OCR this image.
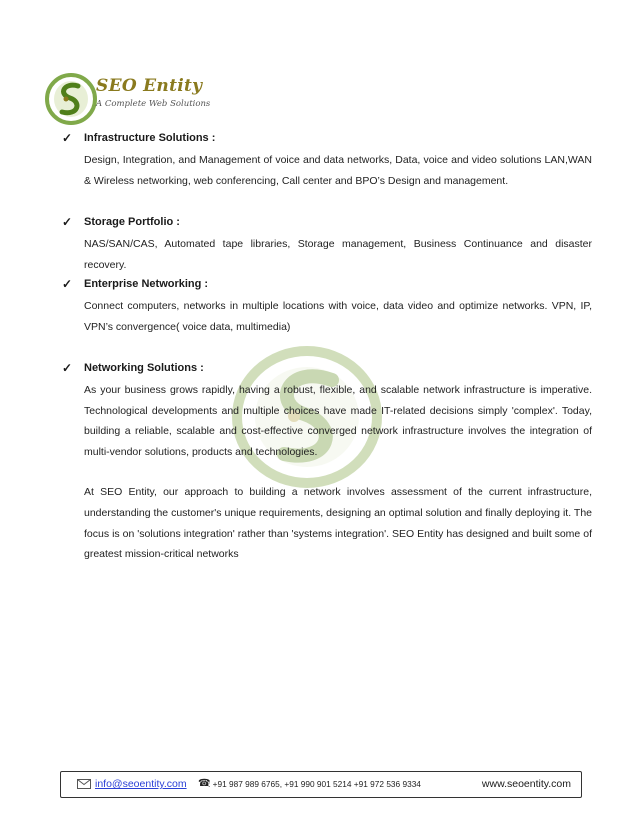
SEO Entity
A Complete Web Solutions
✓ Infrastructure Solutions :
Design, Integration, and Management of voice and data networks, Data, voice and video solutions LAN,WAN & Wireless networking, web conferencing, Call center and BPO’s Design and management.
✓ Storage Portfolio :
NAS/SAN/CAS, Automated tape libraries, Storage management, Business Continuance and disaster recovery.
✓ Enterprise Networking :
Connect computers, networks in multiple locations with voice, data video and optimize networks. VPN, IP, VPN’s convergence( voice data, multimedia)
✓ Networking Solutions :
As your business grows rapidly, having a robust, flexible, and scalable network infrastructure is imperative. Technological developments and multiple choices have made IT-related decisions simply 'complex'. Today, building a reliable, scalable and cost-effective converged network infrastructure involves the integration of multi-vendor solutions, products and technologies.
At SEO Entity, our approach to building a network involves assessment of the current infrastructure, understanding the customer's unique requirements, designing an optimal solution and finally deploying it. The focus is on 'solutions integration' rather than 'systems integration'. SEO Entity has designed and built some of greatest mission-critical networks
info@seoentity.com ☎
: +91 987 989 6765, +91 990 901 5214 +91 972 536 9334	www.seoentity.com
